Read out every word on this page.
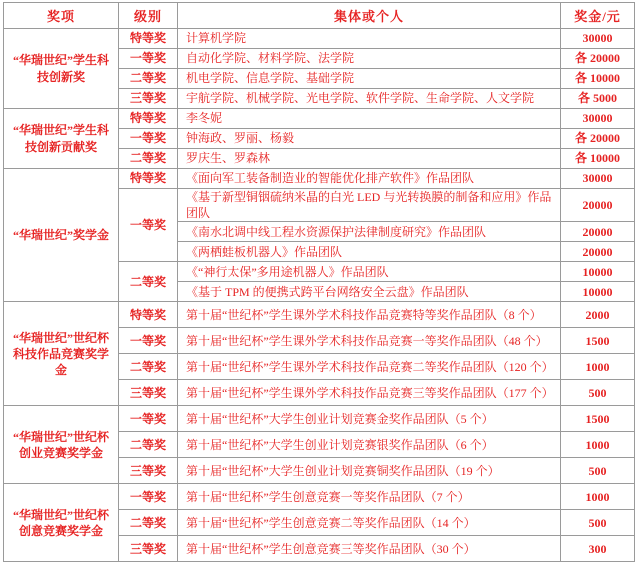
奖项	级别	集体或个人	奖金/元
“华瑞世纪”学生科技创新奖	特等奖	计算机学院	30000
	一等奖	自动化学院、材料学院、法学院	各 20000
	二等奖	机电学院、信息学院、基础学院	各 10000
	三等奖	宇航学院、机械学院、光电学院、软件学院、生命学院、人文学院	各 5000
“华瑞世纪”学生科技创新贡献奖	特等奖	李冬妮	30000
	一等奖	钟海政、罗丽、杨毅	各 20000
	二等奖	罗庆生、罗森林	各 10000
“华瑞世纪”奖学金	特等奖	《面向军工装备制造业的智能优化排产软件》作品团队	30000
	一等奖	《基于新型铜铟硫纳米晶的白光 LED 与光转换膜的制备和应用》作品团队	20000
		《南水北调中线工程水资源保护法律制度研究》作品团队	20000
		《两栖蛙板机器人》作品团队	20000
	二等奖	《“神行太保”多用途机器人》作品团队	10000
		《基于 TPM 的便携式跨平台网络安全云盘》作品团队	10000
“华瑞世纪”世纪杯科技作品竞赛奖学金	特等奖	第十届“世纪杯”学生课外学术科技作品竞赛特等奖作品团队（8 个）	2000
	一等奖	第十届“世纪杯”学生课外学术科技作品竞赛一等奖作品团队（48 个）	1500
	二等奖	第十届“世纪杯”学生课外学术科技作品竞赛二等奖作品团队（120 个）	1000
	三等奖	第十届“世纪杯”学生课外学术科技作品竞赛三等奖作品团队（177 个）	500
“华瑞世纪”世纪杯创业竞赛奖学金	一等奖	第十届“世纪杯”大学生创业计划竞赛金奖作品团队（5 个）	1500
	二等奖	第十届“世纪杯”大学生创业计划竞赛银奖作品团队（6 个）	1000
	三等奖	第十届“世纪杯”大学生创业计划竞赛铜奖作品团队（19 个）	500
“华瑞世纪”世纪杯创意竞赛奖学金	一等奖	第十届“世纪杯”学生创意竞赛一等奖作品团队（7 个）	1000
	二等奖	第十届“世纪杯”学生创意竞赛二等奖作品团队（14 个）	500
	三等奖	第十届“世纪杯”学生创意竞赛三等奖作品团队（30 个）	300
